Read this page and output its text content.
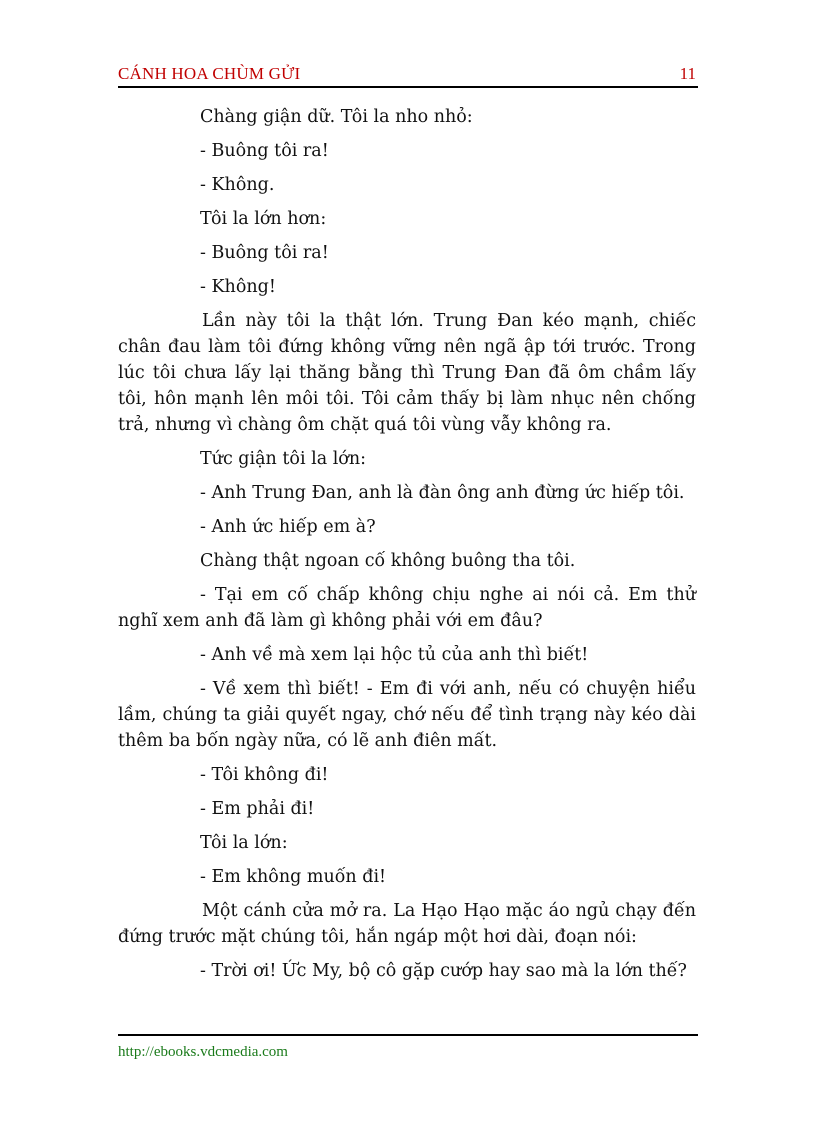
CÁNH HOA CHÙM GỬI	11

Chàng giận dữ. Tôi la nho nhỏ:

- Buông tôi ra!

- Không.

Tôi la lớn hơn:

- Buông tôi ra!

- Không!

Lần này tôi la thật lớn. Trung Đan kéo mạnh, chiếc chân đau làm tôi đứng không vững nên ngã ập tới trước. Trong lúc tôi chưa lấy lại thăng bằng thì Trung Đan đã ôm chầm lấy tôi, hôn mạnh lên môi tôi. Tôi cảm thấy bị làm nhục nên chống trả, nhưng vì chàng ôm chặt quá tôi vùng vẫy không ra.

Tức giận tôi la lớn:

- Anh Trung Đan, anh là đàn ông anh đừng ức hiếp tôi.

- Anh ức hiếp em à?

Chàng thật ngoan cố không buông tha tôi.

- Tại em cố chấp không chịu nghe ai nói cả. Em thử nghĩ xem anh đã làm gì không phải với em đâu?

- Anh về mà xem lại hộc tủ của anh thì biết!

- Về xem thì biết! - Em đi với anh, nếu có chuyện hiểu lầm, chúng ta giải quyết ngay, chớ nếu để tình trạng này kéo dài thêm ba bốn ngày nữa, có lẽ anh điên mất.

- Tôi không đi!

- Em phải đi!

Tôi la lớn:

- Em không muốn đi!

Một cánh cửa mở ra. La Hạo Hạo mặc áo ngủ chạy đến đứng trước mặt chúng tôi, hắn ngáp một hơi dài, đoạn nói:

- Trời ơi! Ức My, bộ cô gặp cướp hay sao mà la lớn thế?

http://ebooks.vdcmedia.com
